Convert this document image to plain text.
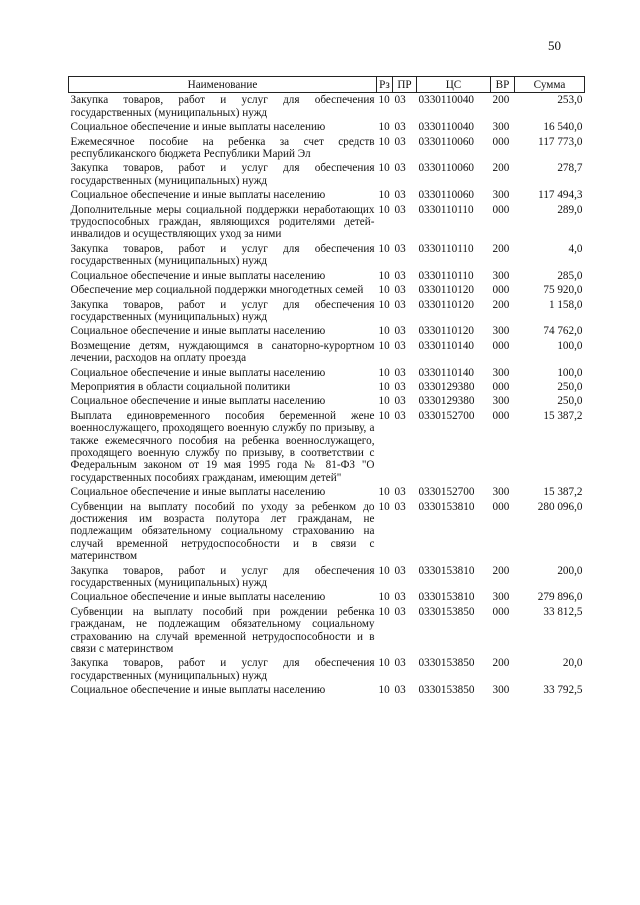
50
Наименование	Рз	ПР	ЦС	ВР	Сумма
Закупка товаров, работ и услуг для обеспечения государственных (муниципальных) нужд	10	03	0330110040	200	253,0
Социальное обеспечение и иные выплаты населению	10	03	0330110040	300	16 540,0
Ежемесячное пособие на ребенка за счет средств республиканского бюджета Республики Марий Эл	10	03	0330110060	000	117 773,0
Закупка товаров, работ и услуг для обеспечения государственных (муниципальных) нужд	10	03	0330110060	200	278,7
Социальное обеспечение и иные выплаты населению	10	03	0330110060	300	117 494,3
Дополнительные меры социальной поддержки неработающих трудоспособных граждан, являющихся родителями детей-инвалидов и осуществляющих уход за ними	10	03	0330110110	000	289,0
Закупка товаров, работ и услуг для обеспечения государственных (муниципальных) нужд	10	03	0330110110	200	4,0
Социальное обеспечение и иные выплаты населению	10	03	0330110110	300	285,0
Обеспечение мер социальной поддержки многодетных семей	10	03	0330110120	000	75 920,0
Закупка товаров, работ и услуг для обеспечения государственных (муниципальных) нужд	10	03	0330110120	200	1 158,0
Социальное обеспечение и иные выплаты населению	10	03	0330110120	300	74 762,0
Возмещение детям, нуждающимся в санаторно-курортном лечении, расходов на оплату проезда	10	03	0330110140	000	100,0
Социальное обеспечение и иные выплаты населению	10	03	0330110140	300	100,0
Мероприятия в области социальной политики	10	03	0330129380	000	250,0
Социальное обеспечение и иные выплаты населению	10	03	0330129380	300	250,0
Выплата единовременного пособия беременной жене военнослужащего, проходящего военную службу по призыву, а также ежемесячного пособия на ребенка военнослужащего, проходящего военную службу по призыву, в соответствии с Федеральным законом от 19 мая 1995 года № 81-ФЗ "О государственных пособиях гражданам, имеющим детей"	10	03	0330152700	000	15 387,2
Социальное обеспечение и иные выплаты населению	10	03	0330152700	300	15 387,2
Субвенции на выплату пособий по уходу за ребенком до достижения им возраста полутора лет гражданам, не подлежащим обязательному социальному страхованию на случай временной нетрудоспособности и в связи с материнством	10	03	0330153810	000	280 096,0
Закупка товаров, работ и услуг для обеспечения государственных (муниципальных) нужд	10	03	0330153810	200	200,0
Социальное обеспечение и иные выплаты населению	10	03	0330153810	300	279 896,0
Субвенции на выплату пособий при рождении ребенка гражданам, не подлежащим обязательному социальному страхованию на случай временной нетрудоспособности и в связи с материнством	10	03	0330153850	000	33 812,5
Закупка товаров, работ и услуг для обеспечения государственных (муниципальных) нужд	10	03	0330153850	200	20,0
Социальное обеспечение и иные выплаты населению	10	03	0330153850	300	33 792,5
